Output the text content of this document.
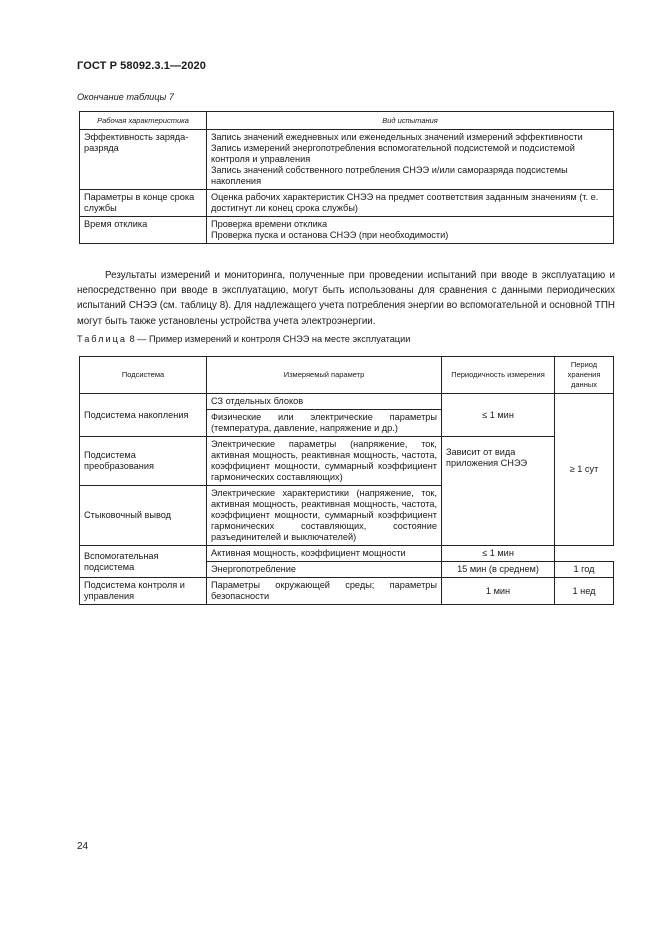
ГОСТ Р 58092.3.1—2020
Окончание таблицы 7
Рабочая характеристика	Вид испытания
Эффективность заряда-разряда	Запись значений ежедневных или еженедельных значений измерений эффективности
Запись измерений энергопотребления вспомогательной подсистемой и подсистемой контроля и управления
Запись значений собственного потребления СНЭЭ и/или саморазряда подсистемы накопления

Параметры в конце срока службы	Оценка рабочих характеристик СНЭЭ на предмет соответствия заданным значениям (т. е. достигнут ли конец срока службы)

Время отклика	Проверка времени отклика
Проверка пуска и останова СНЭЭ (при необходимости)

Результаты измерений и мониторинга, полученные при проведении испытаний при вводе в эксплуатацию и непосредственно при вводе в эксплуатацию, могут быть использованы для сравнения с данными периодических испытаний СНЭЭ (см. таблицу 8). Для надлежащего учета потребления энергии во вспомогательной и основной ТПН могут быть также установлены устройства учета электроэнергии.

Таблица 8 — Пример измерений и контроля СНЭЭ на месте эксплуатации
Подсистема	Измеряемый параметр	Периодичность измерения	Период хранения данных
Подсистема накопления	СЗ отдельных блоков	≤ 1 мин	≥ 1 сут
	Физические или электрические параметры (температура, давление, напряжение и др.)		
Подсистема преобразования	Электрические параметры (напряжение, ток, активная мощность, реактивная мощность, частота, коэффициент мощности, суммарный коэффициент гармонических составляющих)	Зависит от вида приложения СНЭЭ	
Стыковочный вывод	Электрические характеристики (напряжение, ток, активная мощность, реактивная мощность, частота, коэффициент мощности, суммарный коэффициент гармонических составляющих, состояние разъединителей и выключателей)		
Вспомогательная подсистема	Активная мощность, коэффициент мощности	≤ 1 мин	
	Энергопотребление	15 мин (в среднем)	1 год
Подсистема контроля и управления	Параметры окружающей среды; параметры безопасности	1 мин	1 нед
24
